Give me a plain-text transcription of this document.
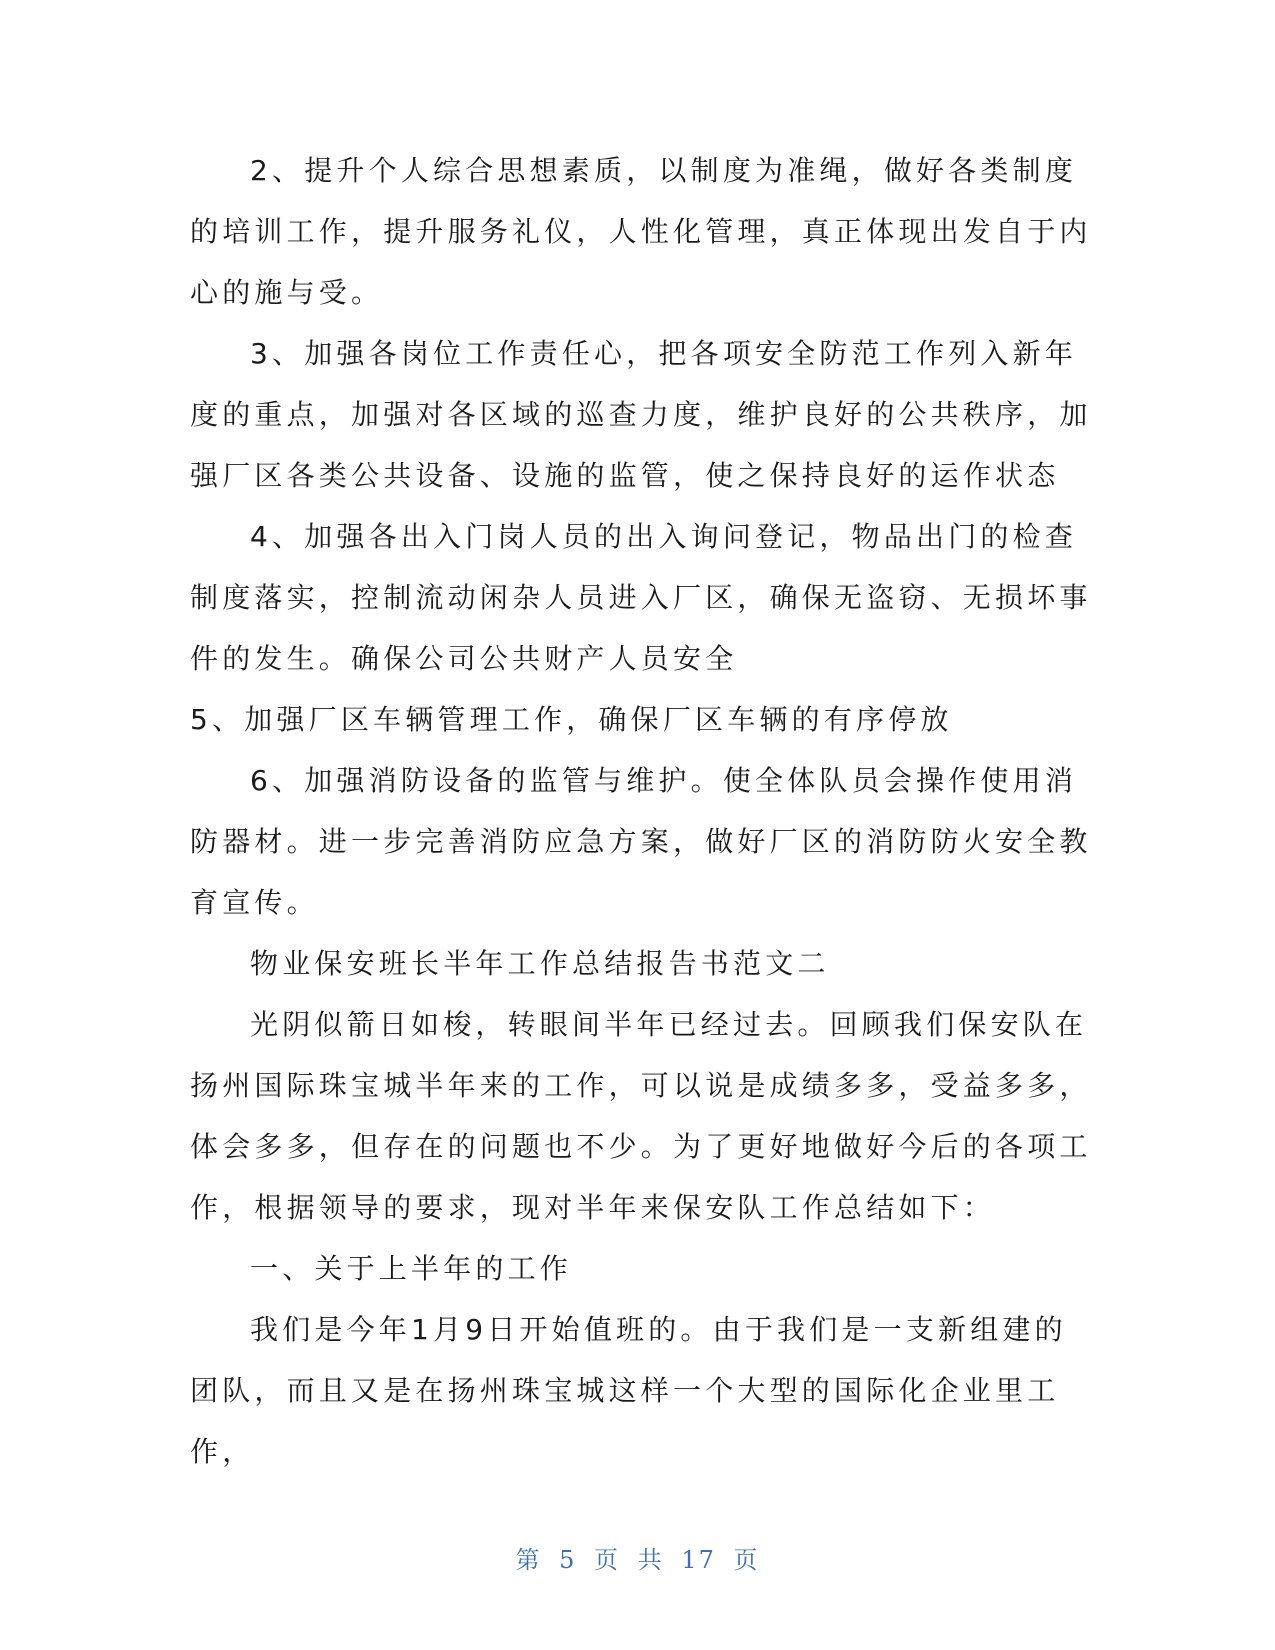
2、提升个人综合思想素质，以制度为准绳，做好各类制度的培训工作，提升服务礼仪，人性化管理，真正体现出发自于内心的施与受。

3、加强各岗位工作责任心，把各项安全防范工作列入新年度的重点，加强对各区域的巡查力度，维护良好的公共秩序，加强厂区各类公共设备、设施的监管，使之保持良好的运作状态

4、加强各出入门岗人员的出入询问登记，物品出门的检查制度落实，控制流动闲杂人员进入厂区，确保无盗窃、无损坏事件的发生。确保公司公共财产人员安全

5、加强厂区车辆管理工作，确保厂区车辆的有序停放

6、加强消防设备的监管与维护。使全体队员会操作使用消防器材。进一步完善消防应急方案，做好厂区的消防防火安全教育宣传。

物业保安班长半年工作总结报告书范文二

光阴似箭日如梭，转眼间半年已经过去。回顾我们保安队在扬州国际珠宝城半年来的工作，可以说是成绩多多，受益多多，体会多多，但存在的问题也不少。为了更好地做好今后的各项工作，根据领导的要求，现对半年来保安队工作总结如下：

一、关于上半年的工作

我们是今年1月9日开始值班的。由于我们是一支新组建的团队，而且又是在扬州珠宝城这样一个大型的国际化企业里工作，

第 5 页 共 17 页
